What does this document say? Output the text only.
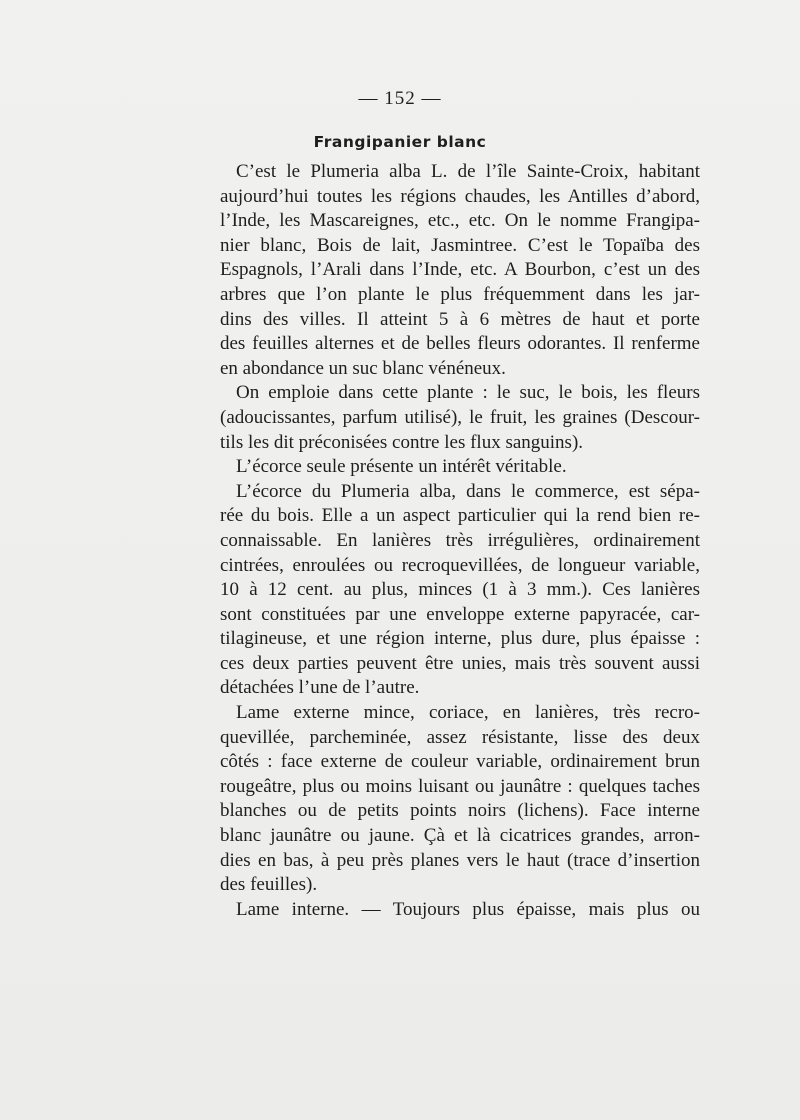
— 152 —
Frangipanier blanc
C’est le Plumeria alba L. de l’île Sainte-Croix, habitant
aujourd’hui toutes les régions chaudes, les Antilles d’abord,
l’Inde, les Mascareignes, etc., etc. On le nomme Frangipa-
nier blanc, Bois de lait, Jasmintree. C’est le Topaïba des
Espagnols, l’Arali dans l’Inde, etc. A Bourbon, c’est un des
arbres que l’on plante le plus fréquemment dans les jar-
dins des villes. Il atteint 5 à 6 mètres de haut et porte
des feuilles alternes et de belles fleurs odorantes. Il renferme
en abondance un suc blanc vénéneux.
On emploie dans cette plante : le suc, le bois, les fleurs
(adoucissantes, parfum utilisé), le fruit, les graines (Descour-
tils les dit préconisées contre les flux sanguins).
L’écorce seule présente un intérêt véritable.
L’écorce du Plumeria alba, dans le commerce, est sépa-
rée du bois. Elle a un aspect particulier qui la rend bien re-
connaissable. En lanières très irrégulières, ordinairement
cintrées, enroulées ou recroquevillées, de longueur variable,
10 à 12 cent. au plus, minces (1 à 3 mm.). Ces lanières
sont constituées par une enveloppe externe papyracée, car-
tilagineuse, et une région interne, plus dure, plus épaisse :
ces deux parties peuvent être unies, mais très souvent aussi
détachées l’une de l’autre.
Lame externe mince, coriace, en lanières, très recro-
quevillée, parcheminée, assez résistante, lisse des deux
côtés : face externe de couleur variable, ordinairement brun
rougeâtre, plus ou moins luisant ou jaunâtre : quelques taches
blanches ou de petits points noirs (lichens). Face interne
blanc jaunâtre ou jaune. Çà et là cicatrices grandes, arron-
dies en bas, à peu près planes vers le haut (trace d’insertion
des feuilles).
Lame interne. — Toujours plus épaisse, mais plus ou
